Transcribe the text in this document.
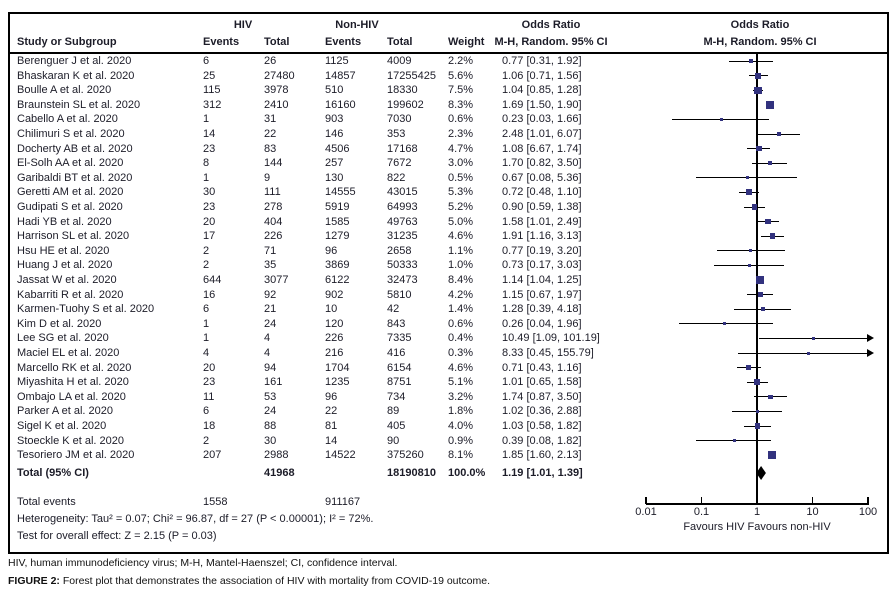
HIV	Non-HIV	Odds Ratio	Odds Ratio
Study or Subgroup	Events Total	Events Total	Weight M-H, Random. 95% CI	M-H, Random. 95% CI
Berenguer J et al. 2020	6	26	1125	4009	2.2%	0.77 [0.31, 1.92]
Bhaskaran K et al. 2020	25	27480	14857	17255425 5.6%	1.06 [0.71, 1.56]
Boulle A et al. 2020	115	3978	510	18330	7.5%	1.04 [0.85, 1.28]
Braunstein SL et al. 2020	312	2410	16160	199602 8.3%	1.69 [1.50, 1.90]
Cabello A et al. 2020	1	31	903	7030	0.6%	0.23 [0.03, 1.66]
Chilimuri S et al. 2020	14	22	146	353	2.3%	2.48 [1.01, 6.07]
Docherty AB et al. 2020	23	83	4506	17168	4.7%	1.08 [6.67, 1.74]
El-Solh AA et al. 2020	8	144	257	7672	3.0%	1.70 [0.82, 3.50]
Garibaldi BT et al. 2020	1	9	130	822	0.5%	0.67 [0.08, 5.36]
Geretti AM et al. 2020	30	111	14555	43015	5.3%	0.72 [0.48, 1.10]
Gudipati S et al. 2020	23	278	5919	64993	5.2%	0.90 [0.59, 1.38]
Hadi YB et al. 2020	20	404	1585	49763	5.0%	1.58 [1.01, 2.49]
Harrison SL et al. 2020	17	226	1279	31235	4.6%	1.91 [1.16, 3.13]
Hsu HE et al. 2020	2	71	96	2658	1.1%	0.77 [0.19, 3.20]
Huang J et al. 2020	2	35	3869	50333	1.0%	0.73 [0.17, 3.03]
Jassat W et al. 2020	644	3077	6122	32473	8.4%	1.14 [1.04, 1.25]
Kabarriti R et al. 2020	16	92	902	5810	4.2%	1.15 [0.67, 1.97]
Karmen-Tuohy S et al. 2020	6	21	10	42	1.4%	1.28 [0.39, 4.18]
Kim D et al. 2020	1	24	120	843	0.6%	0.26 [0.04, 1.96]
Lee SG et al. 2020	1	4	226	7335	0.4%	10.49 [1.09, 101.19]
Maciel EL et al. 2020	4	4	216	416	0.3%	8.33 [0.45, 155.79]
Marcello RK et al. 2020	20	94	1704	6154	4.6%	0.71 [0.43, 1.16]
Miyashita H et al. 2020	23	161	1235	8751	5.1%	1.01 [0.65, 1.58]
Ombajo LA et al. 2020	11	53	96	734	3.2%	1.74 [0.87, 3.50]
Parker A et al. 2020	6	24	22	89	1.8%	1.02 [0.36, 2.88]
Sigel K et al. 2020	18	88	81	405	4.0%	1.03 [0.58, 1.82]
Stoeckle K et al. 2020	2	30	14	90	0.9%	0.39 [0.08, 1.82]
Tesoriero JM et al. 2020	207	2988	14522	375260 8.1%	1.85 [1.60, 2.13]
Total (95% CI)	41968	18190810 100.0% 1.19 [1.01, 1.39]
Total events	1558	911167
Heterogeneity: Tau² = 0.07; Chi² = 96.87, df = 27 (P < 0.00001); I² = 72%.
Test for overall effect: Z = 2.15 (P = 0.03)
0.01	0.1	1	10	100
Favours HIV Favours non-HIV
HIV, human immunodeficiency virus; M-H, Mantel-Haenszel; CI, confidence interval.
FIGURE 2: Forest plot that demonstrates the association of HIV with mortality from COVID-19 outcome.
